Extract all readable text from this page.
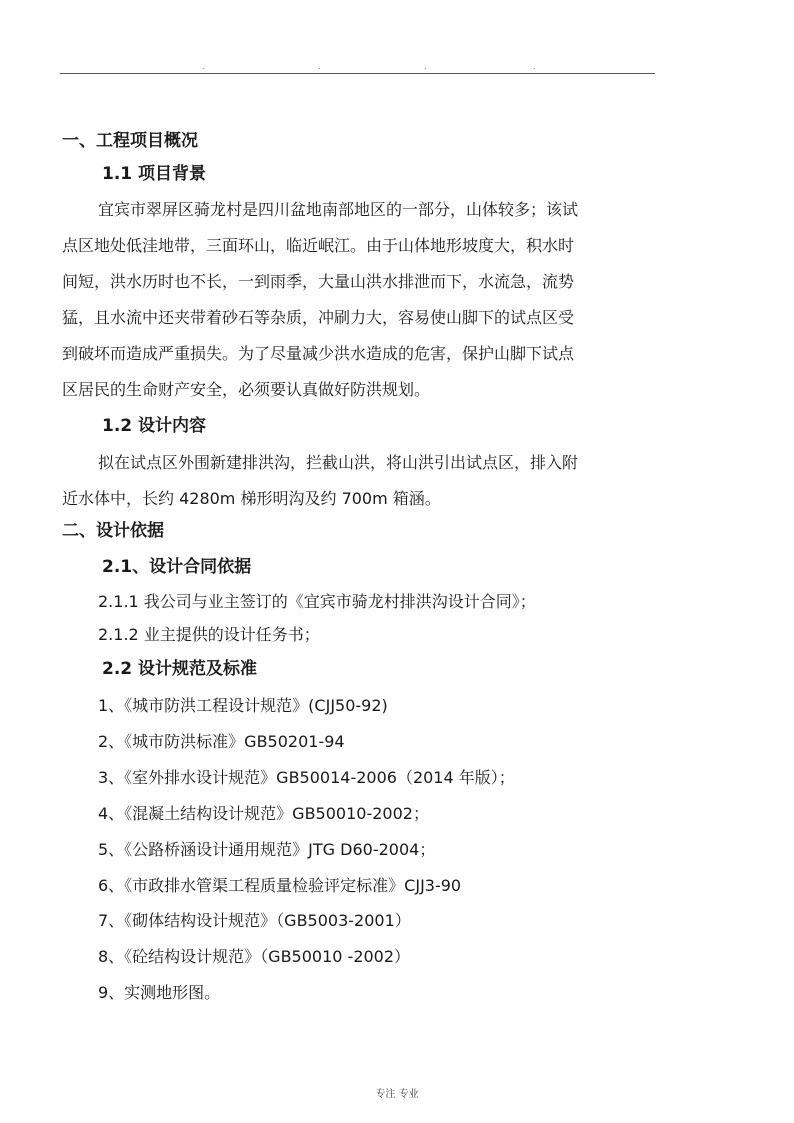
.	.	.	.
一、工程项目概况
1.1 项目背景
宜宾市翠屏区骑龙村是四川盆地南部地区的一部分，山体较多；该试
点区地处低洼地带，三面环山，临近岷江。由于山体地形坡度大，积水时
间短，洪水历时也不长，一到雨季，大量山洪水排泄而下，水流急，流势
猛，且水流中还夹带着砂石等杂质，冲刷力大，容易使山脚下的试点区受
到破坏而造成严重损失。为了尽量减少洪水造成的危害，保护山脚下试点
区居民的生命财产安全，必须要认真做好防洪规划。
1.2 设计内容
拟在试点区外围新建排洪沟，拦截山洪，将山洪引出试点区，排入附
近水体中，长约 4280m 梯形明沟及约 700m 箱涵。
二、设计依据
2.1、设计合同依据
2.1.1 我公司与业主签订的《宜宾市骑龙村排洪沟设计合同》；
2.1.2 业主提供的设计任务书；
2.2 设计规范及标准
1、《城市防洪工程设计规范》(CJJ50-92)
2、《城市防洪标准》GB50201-94
3、《室外排水设计规范》GB50014-2006（2014 年版）；
4、《混凝土结构设计规范》GB50010-2002；
5、《公路桥涵设计通用规范》JTG D60-2004；
6、《市政排水管渠工程质量检验评定标准》CJJ3-90
7、《砌体结构设计规范》（GB5003-2001）
8、《砼结构设计规范》（GB50010 -2002）
9、实测地形图。
专注 专业
